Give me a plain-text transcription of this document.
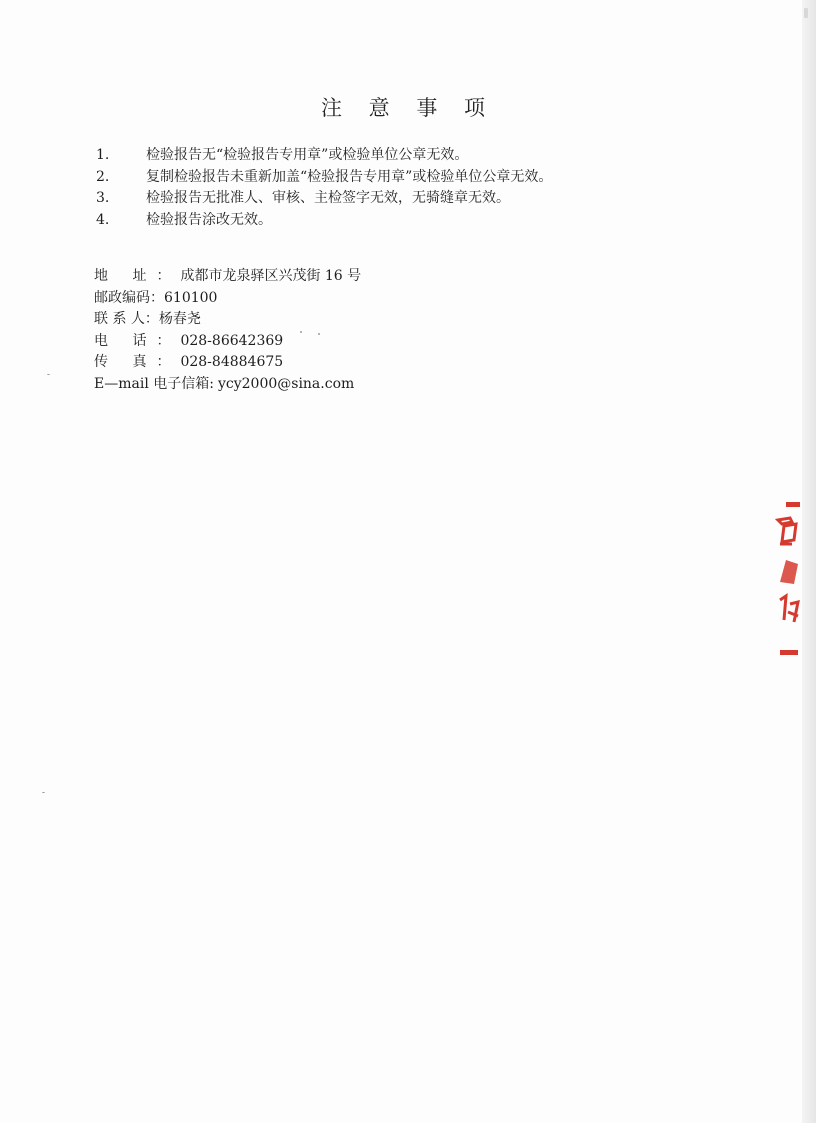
注 意 事 项
1.	检验报告无“检验报告专用章”或检验单位公章无效。
2.	复制检验报告未重新加盖“检验报告专用章”或检验单位公章无效。
3.	检验报告无批准人、审核、主检签字无效，无骑缝章无效。
4.	检验报告涂改无效。
地 址： 成都市龙泉驿区兴茂街 16 号
邮政编码： 610100
联 系 人： 杨春尧
电 话： 028-86642369
传 真： 028-84884675
E—mail 电子信箱: ycy2000@sina.com
